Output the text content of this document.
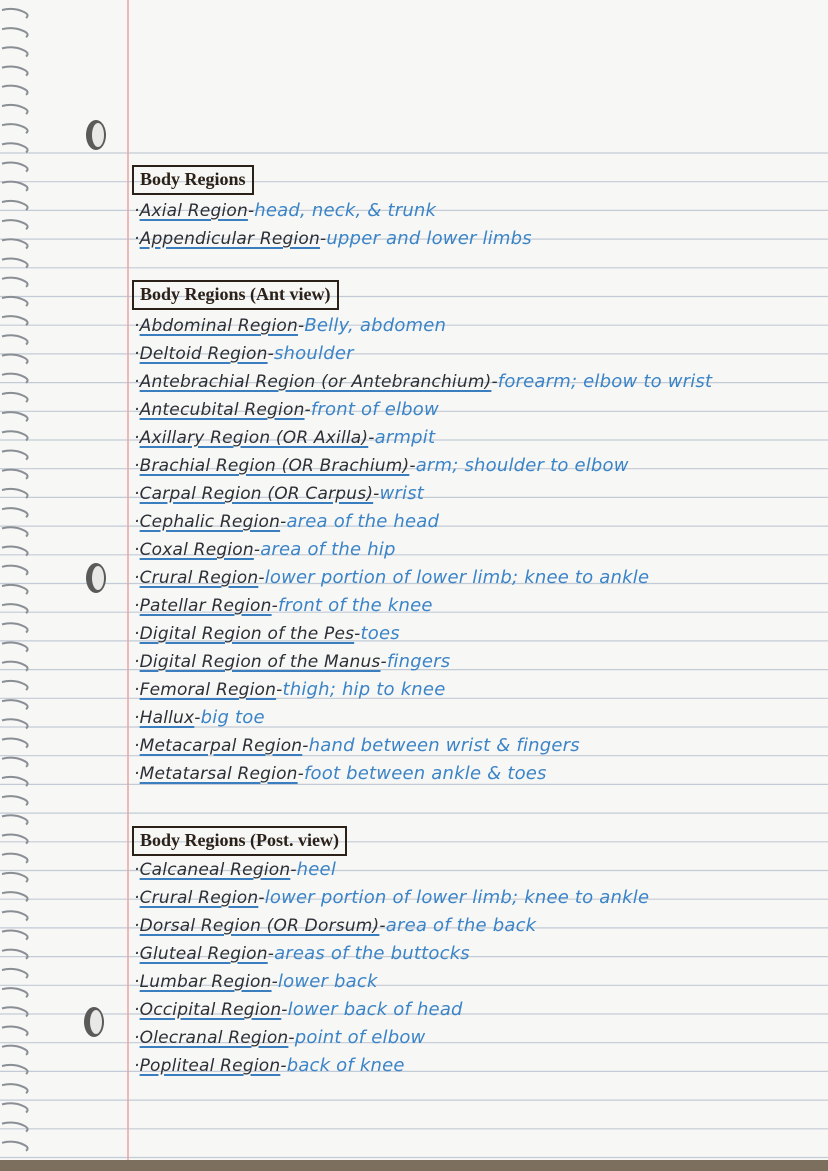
Body Regions
·Axial Region-head, neck, & trunk
·Appendicular Region-upper and lower limbs
Body Regions (Ant view)
·Abdominal Region-Belly, abdomen
·Deltoid Region-shoulder
·Antebrachial Region (or Antebranchium)-forearm; elbow to wrist
·Antecubital Region-front of elbow
·Axillary Region (OR Axilla)-armpit
·Brachial Region (OR Brachium)-arm; shoulder to elbow
·Carpal Region (OR Carpus)-wrist
·Cephalic Region-area of the head
·Coxal Region-area of the hip
·Crural Region-lower portion of lower limb; knee to ankle
·Patellar Region-front of the knee
·Digital Region of the Pes-toes
·Digital Region of the Manus-fingers
·Femoral Region-thigh; hip to knee
·Hallux-big toe
·Metacarpal Region-hand between wrist & fingers
·Metatarsal Region-foot between ankle & toes
Body Regions (Post. view)
·Calcaneal Region-heel
·Crural Region-lower portion of lower limb; knee to ankle
·Dorsal Region (OR Dorsum)-area of the back
·Gluteal Region-areas of the buttocks
·Lumbar Region-lower back
·Occipital Region-lower back of head
·Olecranal Region-point of elbow
·Popliteal Region-back of knee
